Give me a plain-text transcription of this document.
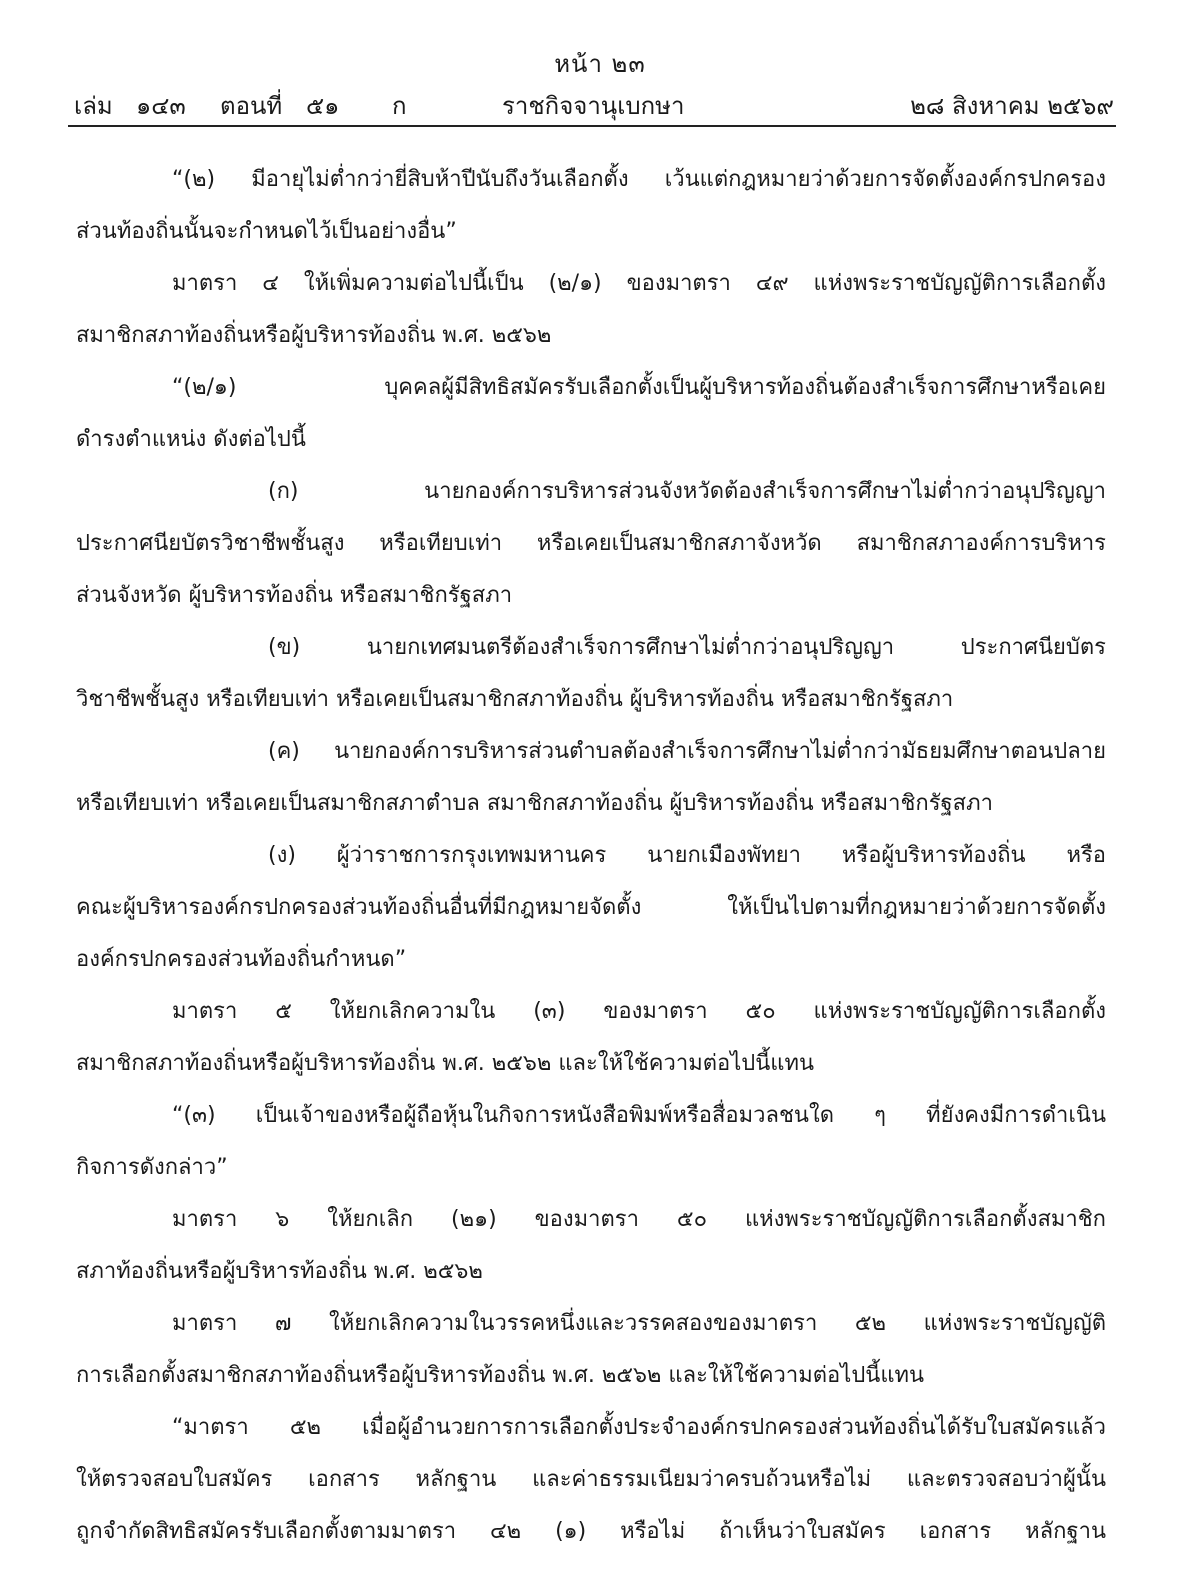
หน้า ๒๓
เล่ม ๑๔๓ ตอนที่ ๕๑ ก	ราชกิจจานุเบกษา	๒๘ สิงหาคม ๒๕๖๙
“(๒) มีอายุไม่ต่ำกว่ายี่สิบห้าปีนับถึงวันเลือกตั้ง เว้นแต่กฎหมายว่าด้วยการจัดตั้งองค์กรปกครอง
ส่วนท้องถิ่นนั้นจะกำหนดไว้เป็นอย่างอื่น”
มาตรา ๔ ให้เพิ่มความต่อไปนี้เป็น (๒/๑) ของมาตรา ๔๙ แห่งพระราชบัญญัติการเลือกตั้ง
สมาชิกสภาท้องถิ่นหรือผู้บริหารท้องถิ่น พ.ศ. ๒๕๖๒
“(๒/๑) บุคคลผู้มีสิทธิสมัครรับเลือกตั้งเป็นผู้บริหารท้องถิ่นต้องสำเร็จการศึกษาหรือเคย
ดำรงตำแหน่ง ดังต่อไปนี้
(ก) นายกองค์การบริหารส่วนจังหวัดต้องสำเร็จการศึกษาไม่ต่ำกว่าอนุปริญญา
ประกาศนียบัตรวิชาชีพชั้นสูง หรือเทียบเท่า หรือเคยเป็นสมาชิกสภาจังหวัด สมาชิกสภาองค์การบริหาร
ส่วนจังหวัด ผู้บริหารท้องถิ่น หรือสมาชิกรัฐสภา
(ข) นายกเทศมนตรีต้องสำเร็จการศึกษาไม่ต่ำกว่าอนุปริญญา ประกาศนียบัตร
วิชาชีพชั้นสูง หรือเทียบเท่า หรือเคยเป็นสมาชิกสภาท้องถิ่น ผู้บริหารท้องถิ่น หรือสมาชิกรัฐสภา
(ค) นายกองค์การบริหารส่วนตำบลต้องสำเร็จการศึกษาไม่ต่ำกว่ามัธยมศึกษาตอนปลาย
หรือเทียบเท่า หรือเคยเป็นสมาชิกสภาตำบล สมาชิกสภาท้องถิ่น ผู้บริหารท้องถิ่น หรือสมาชิกรัฐสภา
(ง) ผู้ว่าราชการกรุงเทพมหานคร นายกเมืองพัทยา หรือผู้บริหารท้องถิ่น หรือ
คณะผู้บริหารองค์กรปกครองส่วนท้องถิ่นอื่นที่มีกฎหมายจัดตั้ง ให้เป็นไปตามที่กฎหมายว่าด้วยการจัดตั้ง
องค์กรปกครองส่วนท้องถิ่นกำหนด”
มาตรา ๕ ให้ยกเลิกความใน (๓) ของมาตรา ๕๐ แห่งพระราชบัญญัติการเลือกตั้ง
สมาชิกสภาท้องถิ่นหรือผู้บริหารท้องถิ่น พ.ศ. ๒๕๖๒ และให้ใช้ความต่อไปนี้แทน
“(๓) เป็นเจ้าของหรือผู้ถือหุ้นในกิจการหนังสือพิมพ์หรือสื่อมวลชนใด ๆ ที่ยังคงมีการดำเนิน
กิจการดังกล่าว”
มาตรา ๖ ให้ยกเลิก (๒๑) ของมาตรา ๕๐ แห่งพระราชบัญญัติการเลือกตั้งสมาชิก
สภาท้องถิ่นหรือผู้บริหารท้องถิ่น พ.ศ. ๒๕๖๒
มาตรา ๗ ให้ยกเลิกความในวรรคหนึ่งและวรรคสองของมาตรา ๕๒ แห่งพระราชบัญญัติ
การเลือกตั้งสมาชิกสภาท้องถิ่นหรือผู้บริหารท้องถิ่น พ.ศ. ๒๕๖๒ และให้ใช้ความต่อไปนี้แทน
“มาตรา ๕๒ เมื่อผู้อำนวยการการเลือกตั้งประจำองค์กรปกครองส่วนท้องถิ่นได้รับใบสมัครแล้ว
ให้ตรวจสอบใบสมัคร เอกสาร หลักฐาน และค่าธรรมเนียมว่าครบถ้วนหรือไม่ และตรวจสอบว่าผู้นั้น
ถูกจำกัดสิทธิสมัครรับเลือกตั้งตามมาตรา ๔๒ (๑) หรือไม่ ถ้าเห็นว่าใบสมัคร เอกสาร หลักฐาน
